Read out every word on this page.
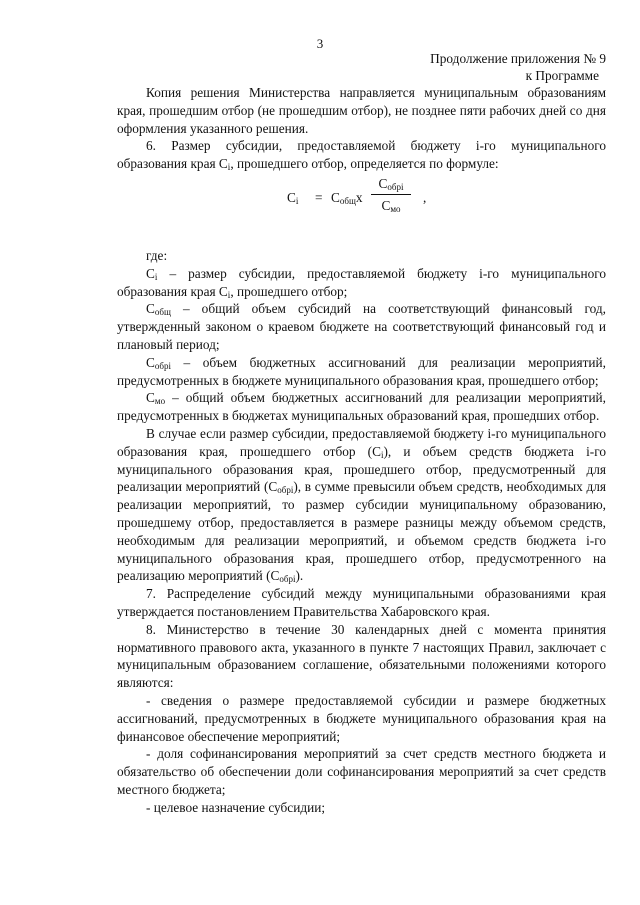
3
Продолжение приложения № 9
к Программе

Копия решения Министерства направляется муниципальным образованиям края, прошедшим отбор (не прошедшим отбор), не позднее пяти рабочих дней со дня оформления указанного решения.

6. Размер субсидии, предоставляемой бюджету i-го муниципального образования края $С_i$, прошедшего отбор, определяется по формуле:

$С_i = С_{общ}х$
$С_{обрi}$
$С_{мо}$
,

где:

$С_i$ – размер субсидии, предоставляемой бюджету i-го муниципального образования края $С_i$, прошедшего отбор;

$С_{общ}$ – общий объем субсидий на соответствующий финансовый год, утвержденный законом о краевом бюджете на соответствующий финансовый год и плановый период;

$С_{обрi}$ – объем бюджетных ассигнований для реализации мероприятий, предусмотренных в бюджете муниципального образования края, прошедшего отбор;

$С_{мо}$ – общий объем бюджетных ассигнований для реализации мероприятий, предусмотренных в бюджетах муниципальных образований края, прошедших отбор.

В случае если размер субсидии, предоставляемой бюджету i-го муниципального образования края, прошедшего отбор $(С_i)$, и объем средств бюджета i-го муниципального образования края, прошедшего отбор, предусмотренный для реализации мероприятий $(С_{обрi})$, в сумме превысили объем средств, необходимых для реализации мероприятий, то размер субсидии муниципальному образованию, прошедшему отбор, предоставляется в размере разницы между объемом средств, необходимым для реализации мероприятий, и объемом средств бюджета i-го муниципального образования края, прошедшего отбор, предусмотренного на реализацию мероприятий $(С_{обрi})$.

7. Распределение субсидий между муниципальными образованиями края утверждается постановлением Правительства Хабаровского края.

8. Министерство в течение 30 календарных дней с момента принятия нормативного правового акта, указанного в пункте 7 настоящих Правил, заключает с муниципальным образованием соглашение, обязательными положениями которого являются:

- сведения о размере предоставляемой субсидии и размере бюджетных ассигнований, предусмотренных в бюджете муниципального образования края на финансовое обеспечение мероприятий;

- доля софинансирования мероприятий за счет средств местного бюджета и обязательство об обеспечении доли софинансирования мероприятий за счет средств местного бюджета;

- целевое назначение субсидии;
